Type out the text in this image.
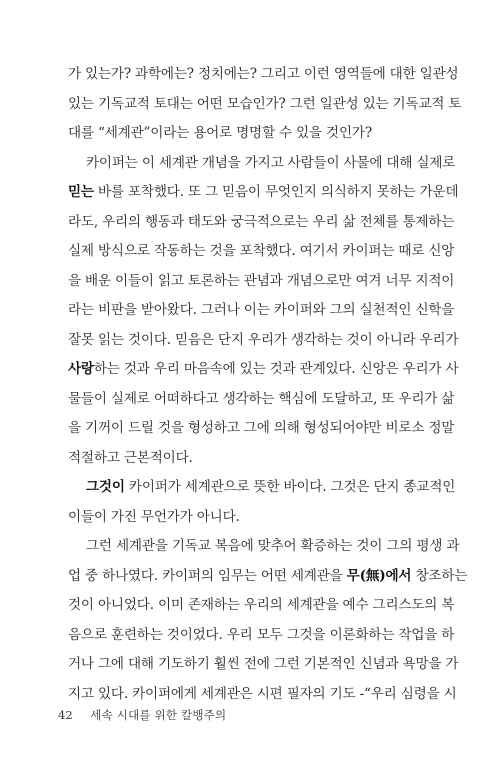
가 있는가? 과학에는? 정치에는? 그리고 이런 영역들에 대한 일관성
있는 기독교적 토대는 어떤 모습인가? 그런 일관성 있는 기독교적 토
대를 “세계관”이라는 용어로 명명할 수 있을 것인가?
카이퍼는 이 세계관 개념을 가지고 사람들이 사물에 대해 실제로
믿는 바를 포착했다. 또 그 믿음이 무엇인지 의식하지 못하는 가운데
라도, 우리의 행동과 태도와 궁극적으로는 우리 삶 전체를 통제하는
실제 방식으로 작동하는 것을 포착했다. 여기서 카이퍼는 때로 신앙
을 배운 이들이 읽고 토론하는 관념과 개념으로만 여겨 너무 지적이
라는 비판을 받아왔다. 그러나 이는 카이퍼와 그의 실천적인 신학을
잘못 읽는 것이다. 믿음은 단지 우리가 생각하는 것이 아니라 우리가
사랑하는 것과 우리 마음속에 있는 것과 관계있다. 신앙은 우리가 사
물들이 실제로 어떠하다고 생각하는 핵심에 도달하고, 또 우리가 삶
을 기꺼이 드릴 것을 형성하고 그에 의해 형성되어야만 비로소 정말
적절하고 근본적이다.
그것이 카이퍼가 세계관으로 뜻한 바이다. 그것은 단지 종교적인
이들이 가진 무언가가 아니다.
그런 세계관을 기독교 복음에 맞추어 확증하는 것이 그의 평생 과
업 중 하나였다. 카이퍼의 임무는 어떤 세계관을 무(無)에서 창조하는
것이 아니었다. 이미 존재하는 우리의 세계관을 예수 그리스도의 복
음으로 훈련하는 것이었다. 우리 모두 그것을 이론화하는 작업을 하
거나 그에 대해 기도하기 훨씬 전에 그런 기본적인 신념과 욕망을 가
지고 있다. 카이퍼에게 세계관은 시편 필자의 기도 -“우리 심령을 시
42 세속 시대를 위한 칼뱅주의
